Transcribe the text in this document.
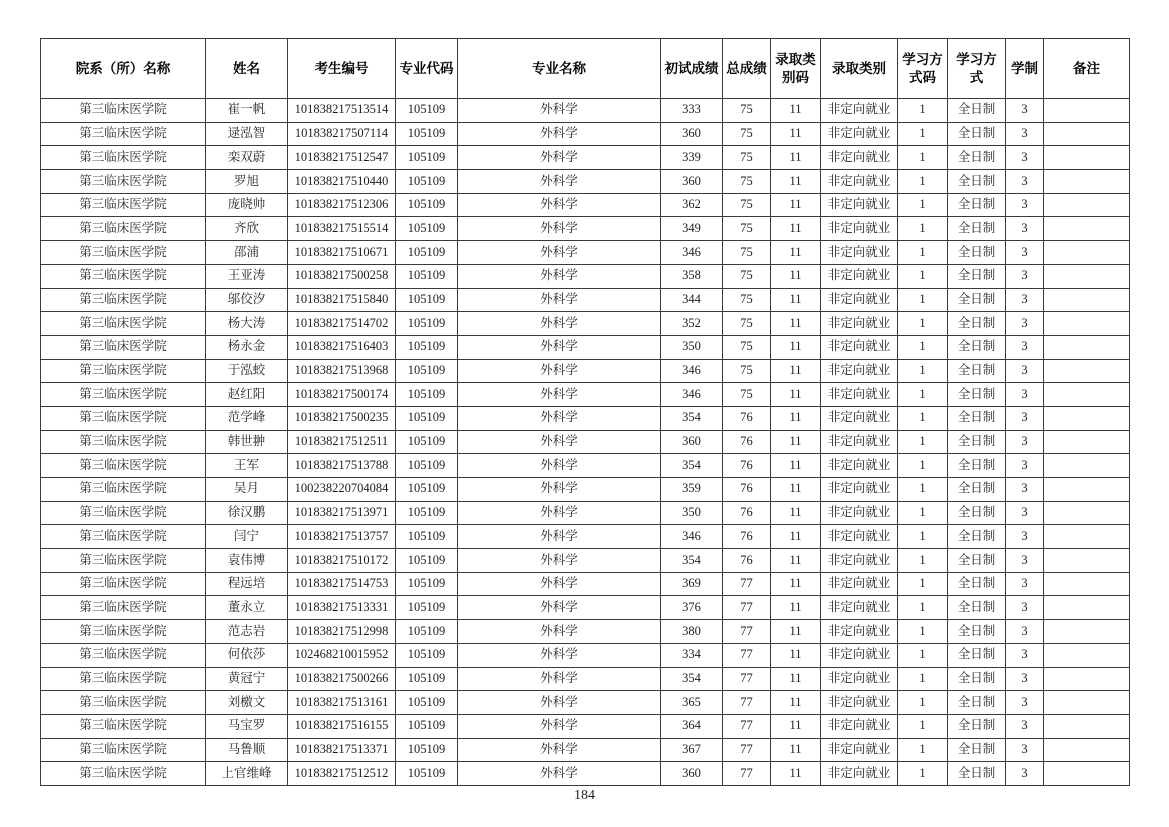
院系（所）名称	姓名	考生编号	专业代码	专业名称	初试成绩	总成绩	录取类别码	录取类别	学习方式码	学习方式	学制	备注
第三临床医学院	崔一帆	101838217513514	105109	外科学	333	75	11	非定向就业	1	全日制	3	
第三临床医学院	逯泓智	101838217507114	105109	外科学	360	75	11	非定向就业	1	全日制	3	
第三临床医学院	栾双蔚	101838217512547	105109	外科学	339	75	11	非定向就业	1	全日制	3	
第三临床医学院	罗旭	101838217510440	105109	外科学	360	75	11	非定向就业	1	全日制	3	
第三临床医学院	庞晓帅	101838217512306	105109	外科学	362	75	11	非定向就业	1	全日制	3	
第三临床医学院	齐欣	101838217515514	105109	外科学	349	75	11	非定向就业	1	全日制	3	
第三临床医学院	邵浦	101838217510671	105109	外科学	346	75	11	非定向就业	1	全日制	3	
第三临床医学院	王亚涛	101838217500258	105109	外科学	358	75	11	非定向就业	1	全日制	3	
第三临床医学院	邬佼汐	101838217515840	105109	外科学	344	75	11	非定向就业	1	全日制	3	
第三临床医学院	杨大涛	101838217514702	105109	外科学	352	75	11	非定向就业	1	全日制	3	
第三临床医学院	杨永金	101838217516403	105109	外科学	350	75	11	非定向就业	1	全日制	3	
第三临床医学院	于泓蛟	101838217513968	105109	外科学	346	75	11	非定向就业	1	全日制	3	
第三临床医学院	赵红阳	101838217500174	105109	外科学	346	75	11	非定向就业	1	全日制	3	
第三临床医学院	范学峰	101838217500235	105109	外科学	354	76	11	非定向就业	1	全日制	3	
第三临床医学院	韩世翀	101838217512511	105109	外科学	360	76	11	非定向就业	1	全日制	3	
第三临床医学院	王军	101838217513788	105109	外科学	354	76	11	非定向就业	1	全日制	3	
第三临床医学院	吴月	100238220704084	105109	外科学	359	76	11	非定向就业	1	全日制	3	
第三临床医学院	徐汉鹏	101838217513971	105109	外科学	350	76	11	非定向就业	1	全日制	3	
第三临床医学院	闫宁	101838217513757	105109	外科学	346	76	11	非定向就业	1	全日制	3	
第三临床医学院	袁伟博	101838217510172	105109	外科学	354	76	11	非定向就业	1	全日制	3	
第三临床医学院	程远培	101838217514753	105109	外科学	369	77	11	非定向就业	1	全日制	3	
第三临床医学院	董永立	101838217513331	105109	外科学	376	77	11	非定向就业	1	全日制	3	
第三临床医学院	范志岩	101838217512998	105109	外科学	380	77	11	非定向就业	1	全日制	3	
第三临床医学院	何依莎	102468210015952	105109	外科学	334	77	11	非定向就业	1	全日制	3	
第三临床医学院	黄冠宁	101838217500266	105109	外科学	354	77	11	非定向就业	1	全日制	3	
第三临床医学院	刘檄文	101838217513161	105109	外科学	365	77	11	非定向就业	1	全日制	3	
第三临床医学院	马宝罗	101838217516155	105109	外科学	364	77	11	非定向就业	1	全日制	3	
第三临床医学院	马鲁顺	101838217513371	105109	外科学	367	77	11	非定向就业	1	全日制	3	
第三临床医学院	上官维峰	101838217512512	105109	外科学	360	77	11	非定向就业	1	全日制	3	
184
